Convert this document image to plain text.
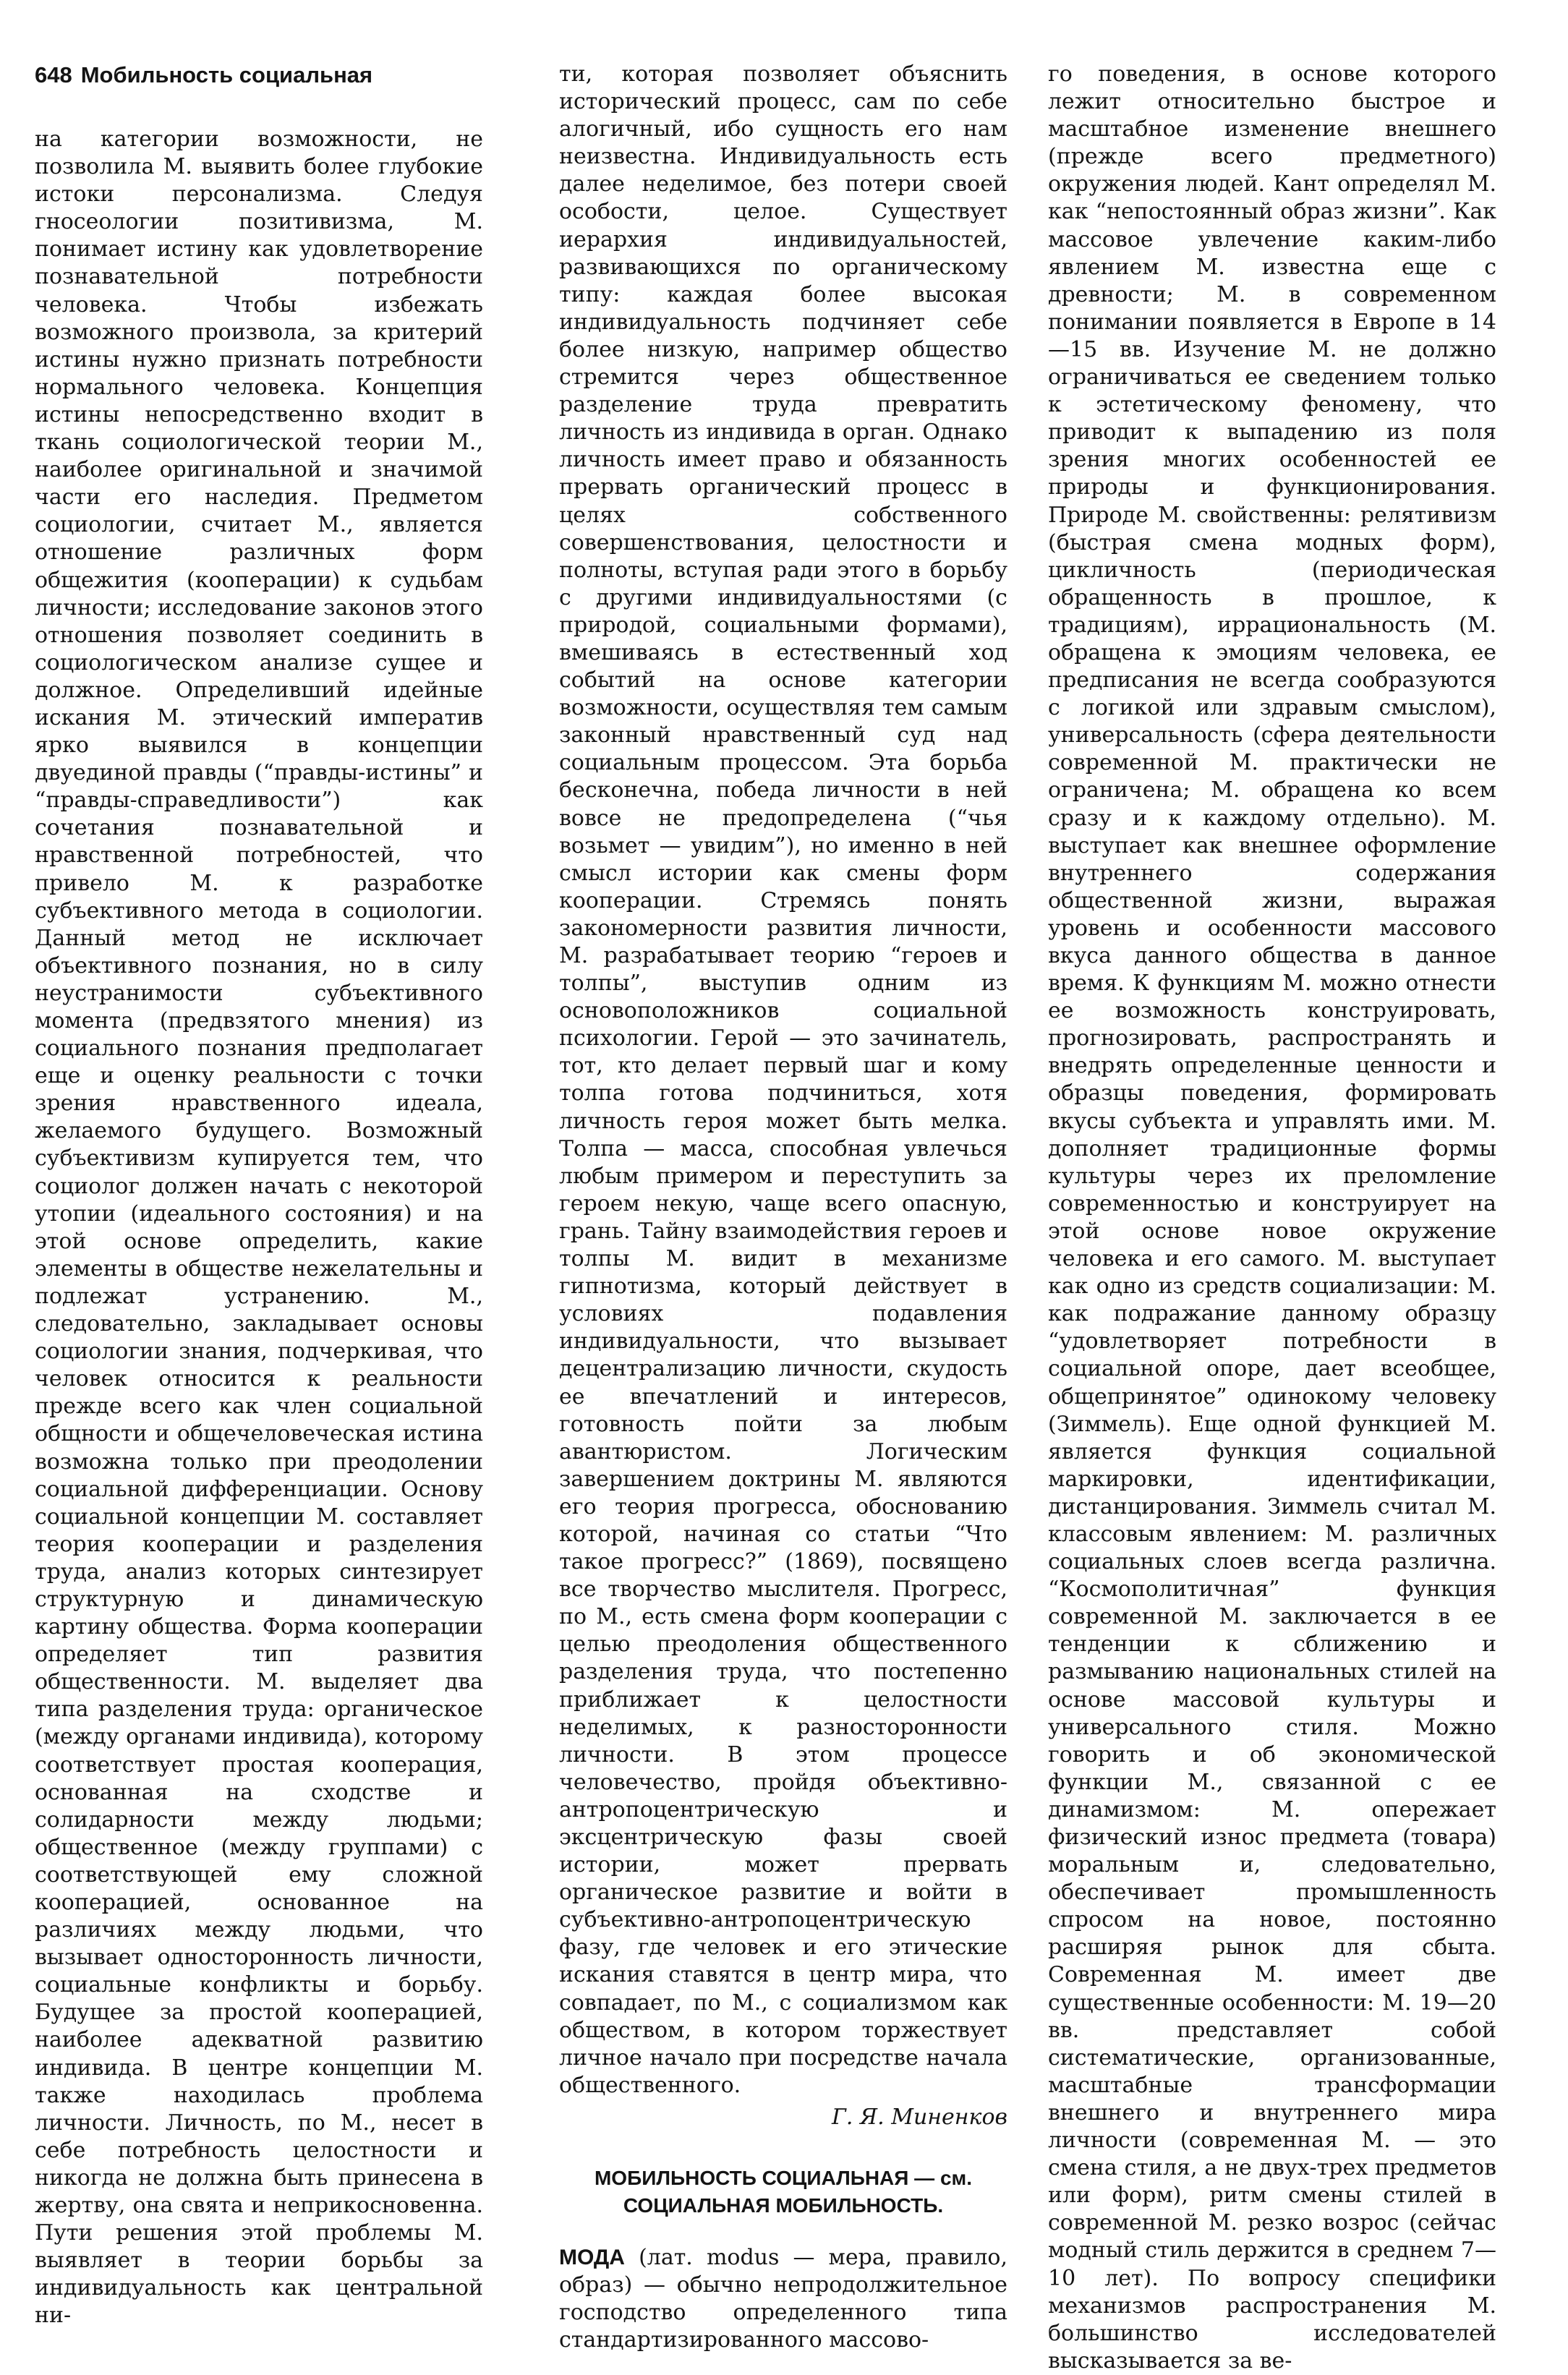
648 Мобильность социальная

на категории возможности, не позволила М. выявить более глубокие истоки персонализма. Следуя гносеологии позитивизма, М. понимает истину как удовлетворение познавательной потребности человека. Чтобы избежать возможного произвола, за критерий истины нужно признать потребности нормального человека. Концепция истины непосредственно входит в ткань социологической теории М., наиболее оригинальной и значимой части его наследия. Предметом социологии, считает М., является отношение различных форм общежития (кооперации) к судьбам личности; исследование законов этого отношения позволяет соединить в социологическом анализе сущее и должное. Определивший идейные искания М. этический императив ярко выявился в концепции двуединой правды (“правды-истины” и “правды-справедливости”) как сочетания познавательной и нравственной потребностей, что привело М. к разработке субъективного метода в социологии. Данный метод не исключает объективного познания, но в силу неустранимости субъективного момента (предвзятого мнения) из социального познания предполагает еще и оценку реальности с точки зрения нравственного идеала, желаемого будущего. Возможный субъективизм купируется тем, что социолог должен начать с некоторой утопии (идеального состояния) и на этой основе определить, какие элементы в обществе нежелательны и подлежат устранению. М., следовательно, закладывает основы социологии знания, подчеркивая, что человек относится к реальности прежде всего как член социальной общности и общечеловеческая истина возможна только при преодолении социальной дифференциации. Основу социальной концепции М. составляет теория кооперации и разделения труда, анализ которых синтезирует структурную и динамическую картину общества. Форма кооперации определяет тип развития общественности. М. выделяет два типа разделения труда: органическое (между органами индивида), которому соответствует простая кооперация, основанная на сходстве и солидарности между людьми; общественное (между группами) с соответствующей ему сложной кооперацией, основанное на различиях между людьми, что вызывает односторонность личности, социальные конфликты и борьбу. Будущее за простой кооперацией, наиболее адекватной развитию индивида. В центре концепции М. также находилась проблема личности. Личность, по М., несет в себе потребность целостности и никогда не должна быть принесена в жертву, она свята и неприкосновенна. Пути решения этой проблемы М. выявляет в теории борьбы за индивидуальность как центральной ни-

ти, которая позволяет объяснить исторический процесс, сам по себе алогичный, ибо сущность его нам неизвестна. Индивидуальность есть далее неделимое, без потери своей особости, целое. Существует иерархия индивидуальностей, развивающихся по органическому типу: каждая более высокая индивидуальность подчиняет себе более низкую, например общество стремится через общественное разделение труда превратить личность из индивида в орган. Однако личность имеет право и обязанность прервать органический процесс в целях собственного совершенствования, целостности и полноты, вступая ради этого в борьбу с другими индивидуальностями (с природой, социальными формами), вмешиваясь в естественный ход событий на основе категории возможности, осуществляя тем самым законный нравственный суд над социальным процессом. Эта борьба бесконечна, победа личности в ней вовсе не предопределена (“чья возьмет — увидим”), но именно в ней смысл истории как смены форм кооперации. Стремясь понять закономерности развития личности, М. разрабатывает теорию “героев и толпы”, выступив одним из основоположников социальной психологии. Герой — это зачинатель, тот, кто делает первый шаг и кому толпа готова подчиниться, хотя личность героя может быть мелка. Толпа — масса, способная увлечься любым примером и переступить за героем некую, чаще всего опасную, грань. Тайну взаимодействия героев и толпы М. видит в механизме гипнотизма, который действует в условиях подавления индивидуальности, что вызывает децентрализацию личности, скудость ее впечатлений и интересов, готовность пойти за любым авантюристом. Логическим завершением доктрины М. являются его теория прогресса, обоснованию которой, начиная со статьи “Что такое прогресс?” (1869), посвящено все творчество мыслителя. Прогресс, по М., есть смена форм кооперации с целью преодоления общественного разделения труда, что постепенно приближает к целостности неделимых, к разносторонности личности. В этом процессе человечество, пройдя объективно-антропоцентрическую и эксцентрическую фазы своей истории, может прервать органическое развитие и войти в субъективно-антропоцентрическую фазу, где человек и его этические искания ставятся в центр мира, что совпадает, по М., с социализмом как обществом, в котором торжествует личное начало при посредстве начала общественного.

Г. Я. Миненков

МОБИЛЬНОСТЬ СОЦИАЛЬНАЯ — см. СОЦИАЛЬНАЯ МОБИЛЬНОСТЬ.

МОДА (лат. modus — мера, правило, образ) — обычно непродолжительное господство определенного типа стандартизированного массово-

го поведения, в основе которого лежит относительно быстрое и масштабное изменение внешнего (прежде всего предметного) окружения людей. Кант определял М. как “непостоянный образ жизни”. Как массовое увлечение каким-либо явлением М. известна еще с древности; М. в современном понимании появляется в Европе в 14—15 вв. Изучение М. не должно ограничиваться ее сведением только к эстетическому феномену, что приводит к выпадению из поля зрения многих особенностей ее природы и функционирования. Природе М. свойственны: релятивизм (быстрая смена модных форм), цикличность (периодическая обращенность в прошлое, к традициям), иррациональность (М. обращена к эмоциям человека, ее предписания не всегда сообразуются с логикой или здравым смыслом), универсальность (сфера деятельности современной М. практически не ограничена; М. обращена ко всем сразу и к каждому отдельно). М. выступает как внешнее оформление внутреннего содержания общественной жизни, выражая уровень и особенности массового вкуса данного общества в данное время. К функциям М. можно отнести ее возможность конструировать, прогнозировать, распространять и внедрять определенные ценности и образцы поведения, формировать вкусы субъекта и управлять ими. М. дополняет традиционные формы культуры через их преломление современностью и конструирует на этой основе новое окружение человека и его самого. М. выступает как одно из средств социализации: М. как подражание данному образцу “удовлетворяет потребности в социальной опоре, дает всеобщее, общепринятое” одинокому человеку (Зиммель). Еще одной функцией М. является функция социальной маркировки, идентификации, дистанцирования. Зиммель считал М. классовым явлением: М. различных социальных слоев всегда различна. “Космополитичная” функция современной М. заключается в ее тенденции к сближению и размыванию национальных стилей на основе массовой культуры и универсального стиля. Можно говорить и об экономической функции М., связанной с ее динамизмом: М. опережает физический износ предмета (товара) моральным и, следовательно, обеспечивает промышленность спросом на новое, постоянно расширяя рынок для сбыта. Современная М. имеет две существенные особенности: М. 19—20 вв. представляет собой систематические, организованные, масштабные трансформации внешнего и внутреннего мира личности (современная М. — это смена стиля, а не двух-трех предметов или форм), ритм смены стилей в современной М. резко возрос (сейчас модный стиль держится в среднем 7—10 лет). По вопросу специфики механизмов распространения М. большинство исследователей высказывается за ве-
